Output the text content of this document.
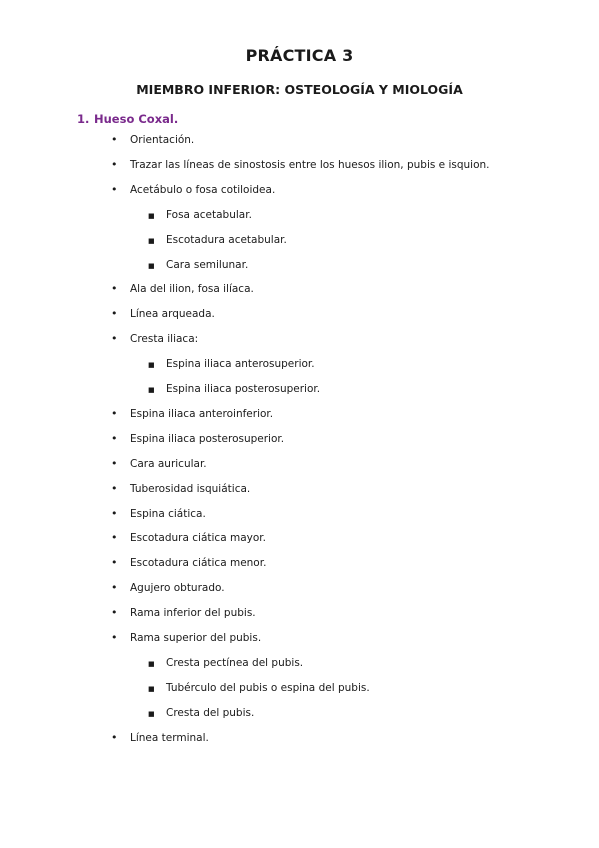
PRÁCTICA 3
MIEMBRO INFERIOR: OSTEOLOGÍA Y MIOLOGÍA
1. Hueso Coxal.
• Orientación.
• Trazar las líneas de sinostosis entre los huesos ilion, pubis e isquion.
• Acetábulo o fosa cotiloidea.
■ Fosa acetabular.
■ Escotadura acetabular.
■ Cara semilunar.
• Ala del ilion, fosa ilíaca.
• Línea arqueada.
• Cresta iliaca:
■ Espina iliaca anterosuperior.
■ Espina iliaca posterosuperior.
• Espina iliaca anteroinferior.
• Espina iliaca posterosuperior.
• Cara auricular.
• Tuberosidad isquiática.
• Espina ciática.
• Escotadura ciática mayor.
• Escotadura ciática menor.
• Agujero obturado.
• Rama inferior del pubis.
• Rama superior del pubis.
■ Cresta pectínea del pubis.
■ Tubérculo del pubis o espina del pubis.
■ Cresta del pubis.
• Línea terminal.
